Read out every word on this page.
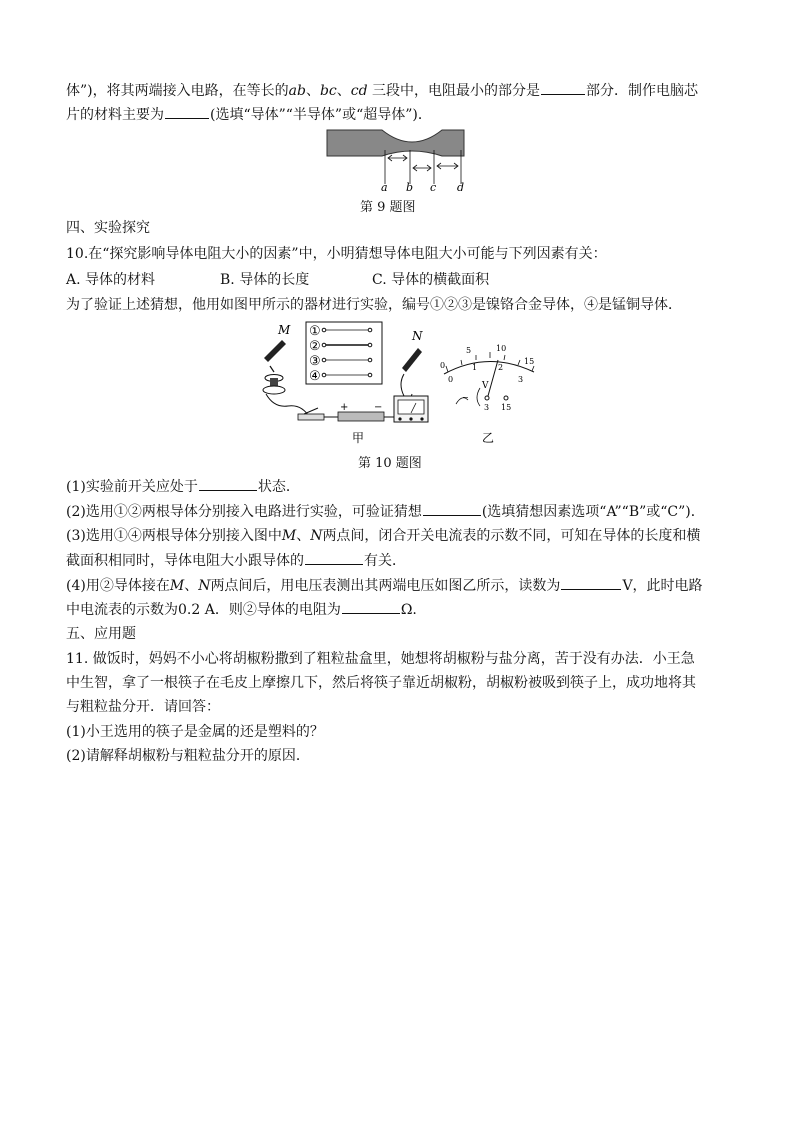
体”)，将其两端接入电路，在等长的ab、bc、cd 三段中，电阻最小的部分是	部分．制作电脑芯
片的材料主要为	(选填“导体”“半导体”或“超导体”)．
a b c d
第 9 题图
四、实验探究
10.在“探究影响导体电阻大小的因素”中，小明猜想导体电阻大小可能与下列因素有关：
A. 导体的材料	B. 导体的长度	C. 导体的横截面积
为了验证上述猜想，他用如图甲所示的器材进行实验，编号①②③是镍铬合金导体，④是锰铜导体．
①
②
③
④
M	N
+	−
甲
0
5	10
15
0
1	2
3
V
−
3 15
乙
第 10 题图
(1)实验前开关应处于	状态．
(2)选用①②两根导体分别接入电路进行实验，可验证猜想	(选填猜想因素选项“A”“B”或“C”)．
(3)选用①④两根导体分别接入图中M、N两点间，闭合开关电流表的示数不同，可知在导体的长度和横
截面积相同时，导体电阻大小跟导体的	有关．
(4)用②导体接在M、N两点间后，用电压表测出其两端电压如图乙所示，读数为	V，此时电路
中电流表的示数为0.2 A．则②导体的电阻为	Ω.
五、应用题
11. 做饭时，妈妈不小心将胡椒粉撒到了粗粒盐盒里，她想将胡椒粉与盐分离，苦于没有办法．小王急
中生智，拿了一根筷子在毛皮上摩擦几下，然后将筷子靠近胡椒粉，胡椒粉被吸到筷子上，成功地将其
与粗粒盐分开．请回答：
(1)小王选用的筷子是金属的还是塑料的？
(2)请解释胡椒粉与粗粒盐分开的原因．
